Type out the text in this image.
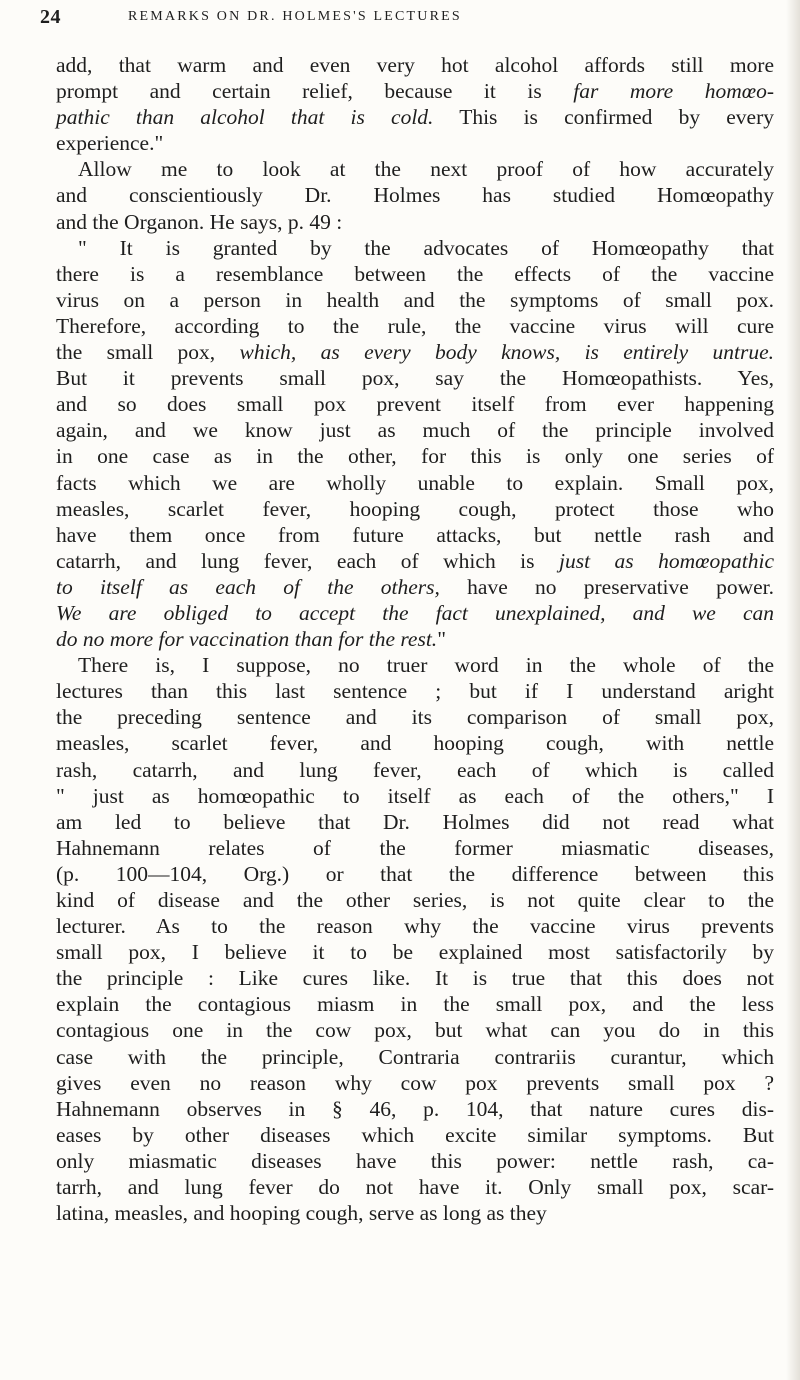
24	REMARKS ON DR. HOLMES'S LECTURES
add, that warm and even very hot alcohol affords still more
prompt and certain relief, because it is far more homœo-
pathic than alcohol that is cold. This is confirmed by every
experience."
Allow me to look at the next proof of how accurately
and conscientiously Dr. Holmes has studied Homœopathy
and the Organon. He says, p. 49 :
" It is granted by the advocates of Homœopathy that
there is a resemblance between the effects of the vaccine
virus on a person in health and the symptoms of small pox.
Therefore, according to the rule, the vaccine virus will cure
the small pox, which, as every body knows, is entirely untrue.
But it prevents small pox, say the Homœopathists. Yes,
and so does small pox prevent itself from ever happening
again, and we know just as much of the principle involved
in one case as in the other, for this is only one series of
facts which we are wholly unable to explain. Small pox,
measles, scarlet fever, hooping cough, protect those who
have them once from future attacks, but nettle rash and
catarrh, and lung fever, each of which is just as homœopathic
to itself as each of the others, have no preservative power.
We are obliged to accept the fact unexplained, and we can
do no more for vaccination than for the rest."
There is, I suppose, no truer word in the whole of the
lectures than this last sentence ; but if I understand aright
the preceding sentence and its comparison of small pox,
measles, scarlet fever, and hooping cough, with nettle
rash, catarrh, and lung fever, each of which is called
" just as homœopathic to itself as each of the others," I
am led to believe that Dr. Holmes did not read what
Hahnemann relates of the former miasmatic diseases,
(p. 100—104, Org.) or that the difference between this
kind of disease and the other series, is not quite clear to the
lecturer. As to the reason why the vaccine virus prevents
small pox, I believe it to be explained most satisfactorily by
the principle : Like cures like. It is true that this does not
explain the contagious miasm in the small pox, and the less
contagious one in the cow pox, but what can you do in this
case with the principle, Contraria contrariis curantur, which
gives even no reason why cow pox prevents small pox ?
Hahnemann observes in § 46, p. 104, that nature cures dis-
eases by other diseases which excite similar symptoms. But
only miasmatic diseases have this power: nettle rash, ca-
tarrh, and lung fever do not have it. Only small pox, scar-
latina, measles, and hooping cough, serve as long as they
